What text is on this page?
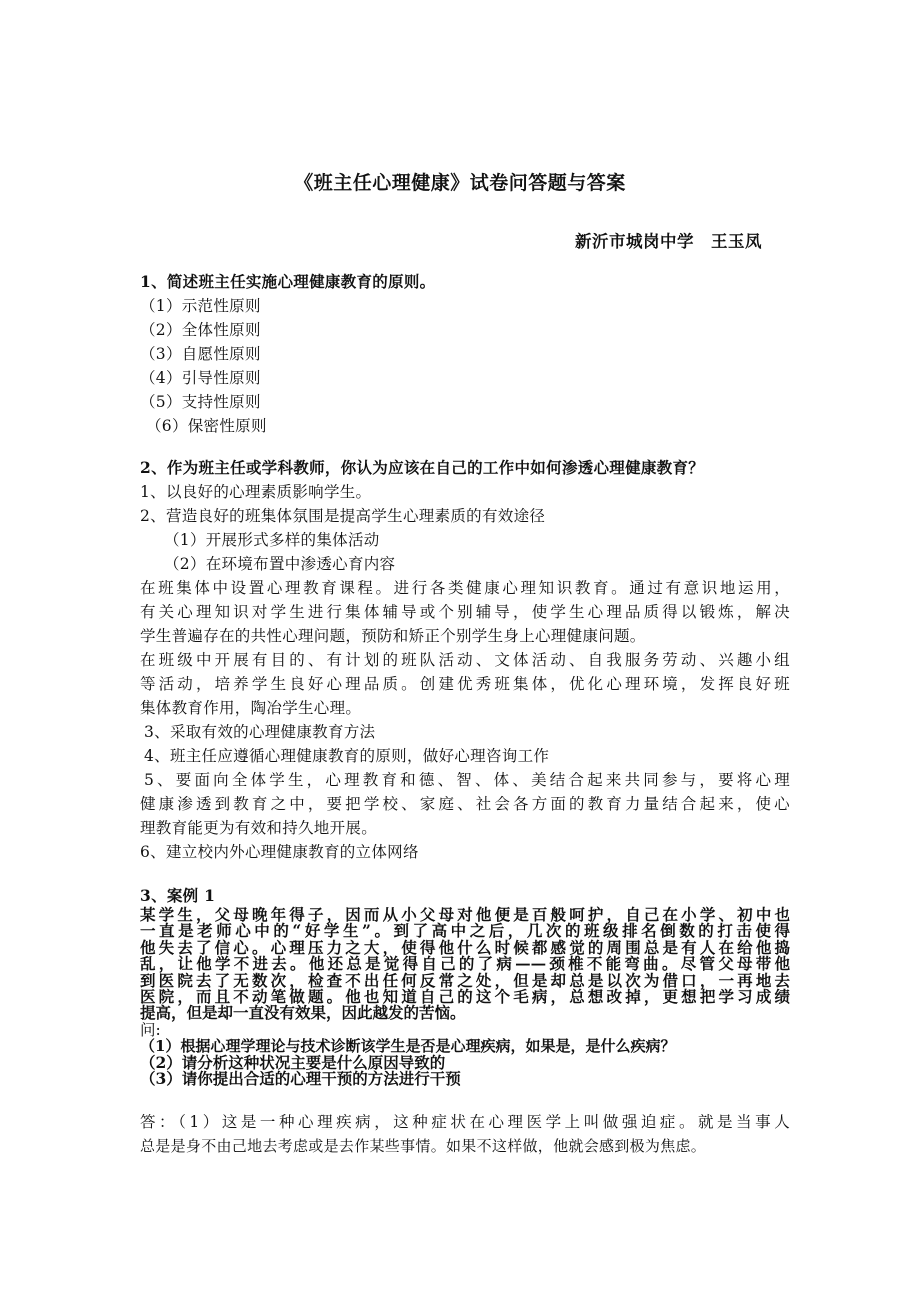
《班主任心理健康》试卷问答题与答案
新沂市城岗中学　王玉凤
1、简述班主任实施心理健康教育的原则。
（1）示范性原则
（2）全体性原则
（3）自愿性原则
（4）引导性原则
（5）支持性原则
（6）保密性原则
2、作为班主任或学科教师，你认为应该在自己的工作中如何渗透心理健康教育？
1、以良好的心理素质影响学生。
2、营造良好的班集体氛围是提高学生心理素质的有效途径
（1）开展形式多样的集体活动
（2）在环境布置中渗透心育内容
在班集体中设置心理教育课程。进行各类健康心理知识教育。通过有意识地运用，
有关心理知识对学生进行集体辅导或个别辅导，使学生心理品质得以锻炼，解决
学生普遍存在的共性心理问题，预防和矫正个别学生身上心理健康问题。
在班级中开展有目的、有计划的班队活动、文体活动、自我服务劳动、兴趣小组
等活动，培养学生良好心理品质。创建优秀班集体，优化心理环境，发挥良好班
集体教育作用，陶冶学生心理。
3、采取有效的心理健康教育方法
4、班主任应遵循心理健康教育的原则，做好心理咨询工作
5、要面向全体学生，心理教育和德、智、体、美结合起来共同参与，要将心理
健康渗透到教育之中，要把学校、家庭、社会各方面的教育力量结合起来，使心
理教育能更为有效和持久地开展。
6、建立校内外心理健康教育的立体网络
3、案例 1
某学生，父母晚年得子，因而从小父母对他便是百般呵护，自己在小学、初中也
一直是老师心中的“好学生”。到了高中之后，几次的班级排名倒数的打击使得
他失去了信心。心理压力之大，使得他什么时候都感觉的周围总是有人在给他捣
乱，让他学不进去。他还总是觉得自己的了病——颈椎不能弯曲。尽管父母带他
到医院去了无数次，检查不出任何反常之处，但是却总是以次为借口，一再地去
医院，而且不动笔做题。他也知道自己的这个毛病，总想改掉，更想把学习成绩
提高，但是却一直没有效果，因此越发的苦恼。
问:
（1）根据心理学理论与技术诊断该学生是否是心理疾病，如果是，是什么疾病？
（2）请分析这种状况主要是什么原因导致的
（3）请你提出合适的心理干预的方法进行干预
答：（1）这是一种心理疾病，这种症状在心理医学上叫做强迫症。就是当事人
总是是身不由己地去考虑或是去作某些事情。如果不这样做，他就会感到极为焦虑。
